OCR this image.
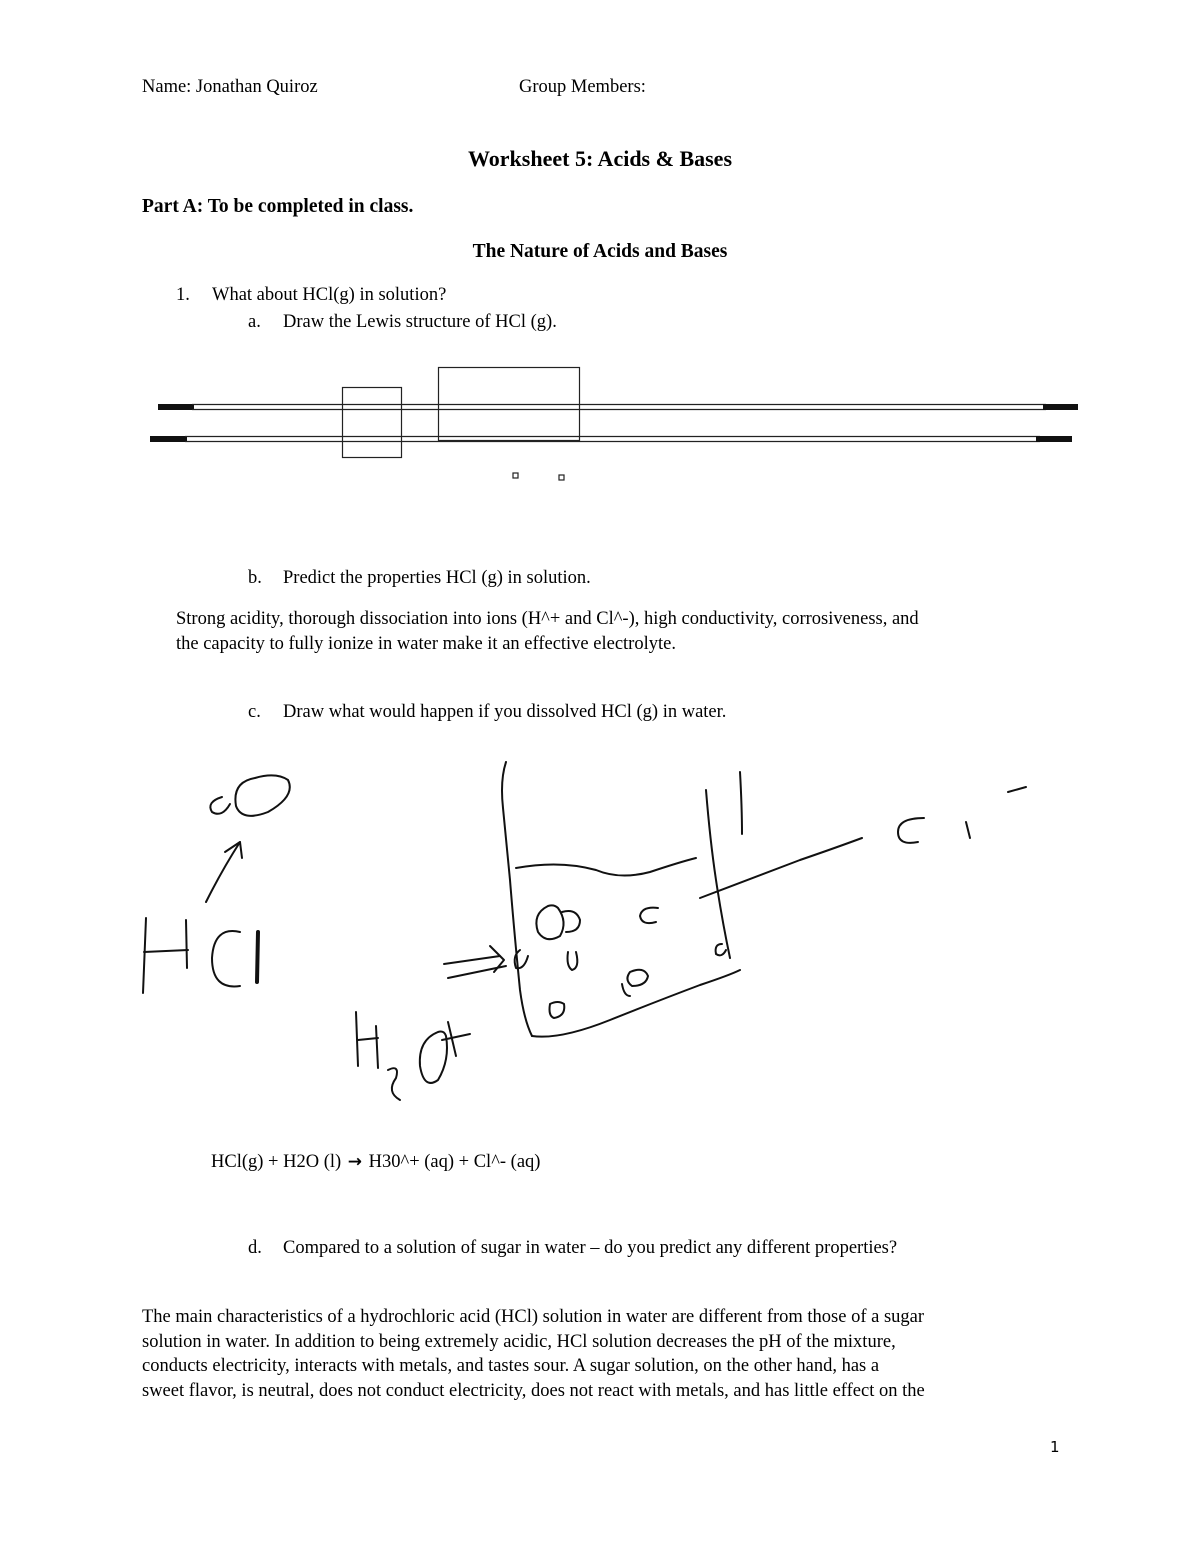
Name: Jonathan Quiroz	Group Members:
Worksheet 5: Acids & Bases
Part A: To be completed in class.
The Nature of Acids and Bases
1. What about HCl(g) in solution?
a. Draw the Lewis structure of HCl (g).
b. Predict the properties HCl (g) in solution.
Strong acidity, thorough dissociation into ions (H^+ and Cl^-), high conductivity, corrosiveness, and
the capacity to fully ionize in water make it an effective electrolyte.
c. Draw what would happen if you dissolved HCl (g) in water.
HCl(g) + H2O (l) → H30^+ (aq) + Cl^- (aq)
d. Compared to a solution of sugar in water – do you predict any different properties?
The main characteristics of a hydrochloric acid (HCl) solution in water are different from those of a sugar
solution in water. In addition to being extremely acidic, HCl solution decreases the pH of the mixture,
conducts electricity, interacts with metals, and tastes sour. A sugar solution, on the other hand, has a
sweet flavor, is neutral, does not conduct electricity, does not react with metals, and has little effect on the
1
